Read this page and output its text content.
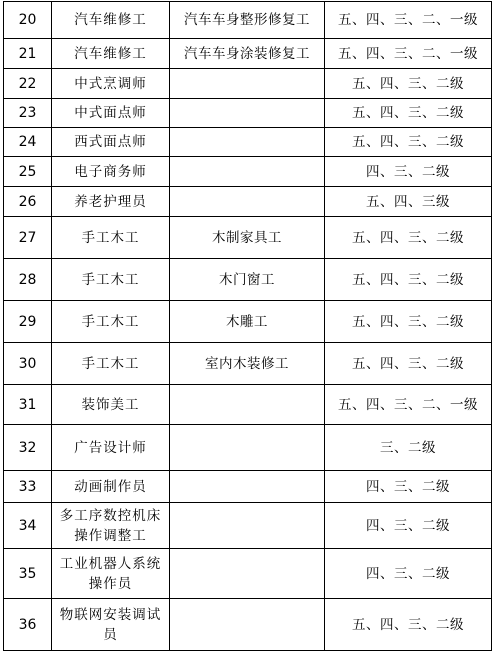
20	汽车维修工	汽车车身整形修复工	五、四、三、二、一级
21	汽车维修工	汽车车身涂装修复工	五、四、三、二、一级
22	中式烹调师		五、四、三、二级
23	中式面点师		五、四、三、二级
24	西式面点师		五、四、三、二级
25	电子商务师		四、三、二级
26	养老护理员		五、四、三级
27	手工木工	木制家具工	五、四、三、二级
28	手工木工	木门窗工	五、四、三、二级
29	手工木工	木雕工	五、四、三、二级
30	手工木工	室内木装修工	五、四、三、二级
31	装饰美工		五、四、三、二、一级
32	广告设计师		三、二级
33	动画制作员		四、三、二级
34	多工序数控机床操作调整工		四、三、二级
35	工业机器人系统操作员		四、三、二级
36	物联网安装调试员		五、四、三、二级
